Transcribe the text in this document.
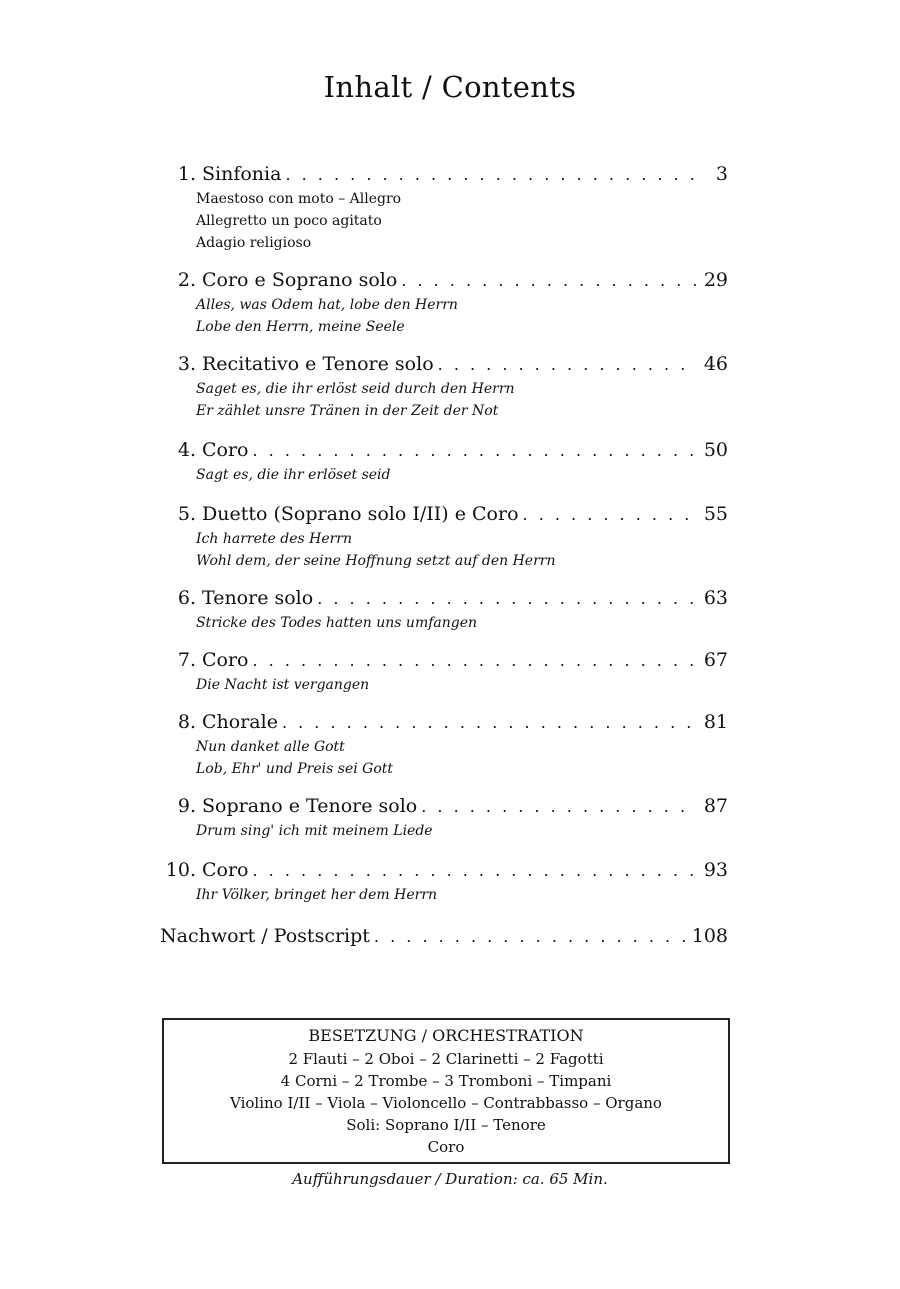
Inhalt / Contents
1. Sinfonia . . .	3
Maestoso con moto – Allegro
Allegretto un poco agitato
Adagio religioso
2. Coro e Soprano solo . . .	29
Alles, was Odem hat, lobe den Herrn
Lobe den Herrn, meine Seele
3. Recitativo e Tenore solo . . .	46
Saget es, die ihr erlöst seid durch den Herrn
Er zählet unsre Tränen in der Zeit der Not
4. Coro . . .	50
Sagt es, die ihr erlöset seid
5. Duetto (Soprano solo I/II) e Coro . . .	55
Ich harrete des Herrn
Wohl dem, der seine Hoffnung setzt auf den Herrn
6. Tenore solo . . .	63
Stricke des Todes hatten uns umfangen
7. Coro . . .	67
Die Nacht ist vergangen
8. Chorale . . .	81
Nun danket alle Gott
Lob, Ehr' und Preis sei Gott
9. Soprano e Tenore solo . . .	87
Drum sing' ich mit meinem Liede
10. Coro . . .	93
Ihr Völker, bringet her dem Herrn
Nachwort / Postscript . . .	108
BESETZUNG / ORCHESTRATION
2 Flauti – 2 Oboi – 2 Clarinetti – 2 Fagotti
4 Corni – 2 Trombe – 3 Tromboni – Timpani
Violino I/II – Viola – Violoncello – Contrabbasso – Organo
Soli: Soprano I/II – Tenore
Coro
Aufführungsdauer / Duration: ca. 65 Min.
